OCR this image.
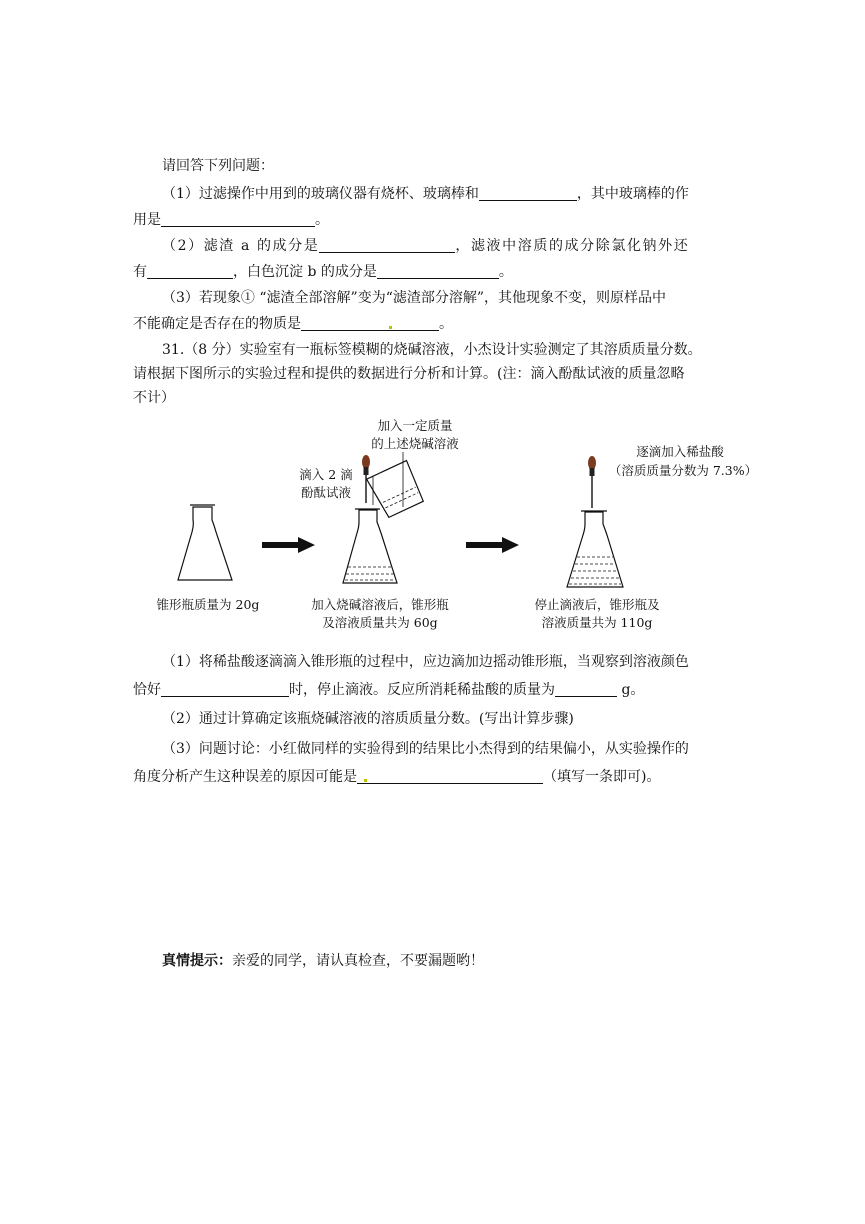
请回答下列问题：
（1）过滤操作中用到的玻璃仪器有烧杯、玻璃棒和	，其中玻璃棒的作
用是	。
（2）滤渣 a 的成分是	，滤液中溶质的成分除氯化钠外还
有	，白色沉淀 b 的成分是	。
（3）若现象① “滤渣全部溶解”变为“滤渣部分溶解”，其他现象不变，则原样品中
不能确定是否存在的物质是	。
31.（8 分）实验室有一瓶标签模糊的烧碱溶液，小杰设计实验测定了其溶质质量分数。
请根据下图所示的实验过程和提供的数据进行分析和计算。(注：滴入酚酞试液的质量忽略
不计）
加入一定质量
的上述烧碱溶液
滴入 2 滴
酚酞试液
逐滴加入稀盐酸
（溶质质量分数为 7.3%）
锥形瓶质量为 20g	加入烧碱溶液后，锥形瓶
及溶液质量共为 60g
停止滴液后，锥形瓶及
溶液质量共为 110g
（1）将稀盐酸逐滴滴入锥形瓶的过程中，应边滴加边摇动锥形瓶，当观察到溶液颜色
恰好	时，停止滴液。反应所消耗稀盐酸的质量为	g。
（2）通过计算确定该瓶烧碱溶液的溶质质量分数。(写出计算步骤)
（3）问题讨论：小红做同样的实验得到的结果比小杰得到的结果偏小，从实验操作的
角度分析产生这种误差的原因可能是	（填写一条即可)。
真情提示：亲爱的同学，请认真检查，不要漏题哟！
